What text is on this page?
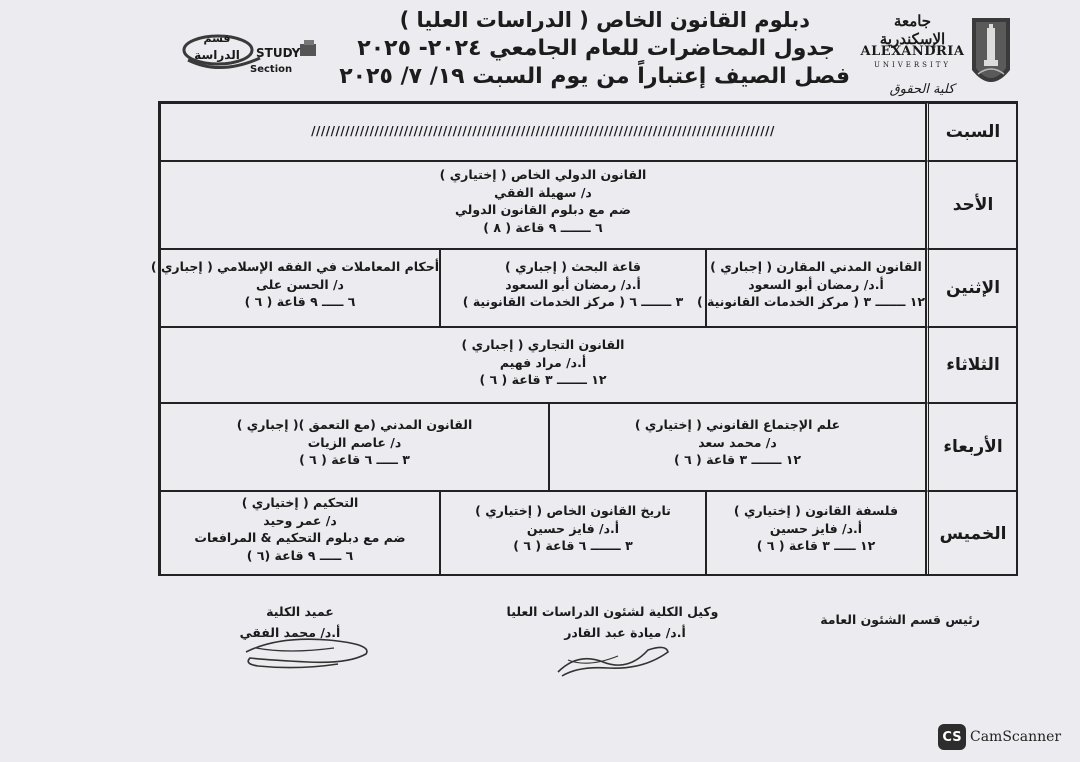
دبلوم القانون الخاص ( الدراسات العليا )
جدول المحاضرات للعام الجامعي ٢٠٢٤- ٢٠٢٥
فصل الصيف إعتباراً من يوم السبت ١٩/ ٧/ ٢٠٢٥
جامعة الإسكندرية
ALEXANDRIA
UNIVERSITY
كلية الحقوق
قسم
الدراسة	STUDY
Section
السبت
الأحد
الإثنين
الثلاثاء
الأربعاء
الخميس
///////////////////////////////////////////////////////////////////////////////////////////////
القانون الدولي الخاص ( إختياري )
د/ سهيلة الفقي
ضم مع دبلوم القانون الدولي
٦ ـــــــ ٩ قاعة ( ٨ )
القانون المدني المقارن ( إجباري )
أ.د/ رمضان أبو السعود
١٢ ـــــــ ٣ ( مركز الخدمات القانونية )
قاعة البحث ( إجباري )
أ.د/ رمضان أبو السعود
٣ ـــــــ ٦ ( مركز الخدمات القانونية )
أحكام المعاملات في الفقه الإسلامي ( إجباري )
د/ الحسن على
٦ ـــــ ٩ قاعة ( ٦ )
القانون التجاري ( إجباري )
أ.د/ مراد فهيم
١٢ ـــــــ ٣ قاعة ( ٦ )
علم الإجتماع القانوني ( إختياري )
د/ محمد سعد
١٢ ـــــــ ٣ قاعة ( ٦ )
القانون المدني (مع التعمق )( إجباري )
د/ عاصم الزيات
٣ ـــــ ٦ قاعة ( ٦ )
فلسفة القانون ( إختياري )
أ.د/ فايز حسين
١٢ ـــــ ٣ قاعة ( ٦ )
تاريخ القانون الخاص ( إختياري )
أ.د/ فايز حسين
٣ ـــــــ ٦ قاعة ( ٦ )
التحكيم ( إختياري )
د/ عمر وحيد
ضم مع دبلوم التحكيم & المرافعات
٦ ـــــ ٩ قاعة (٦ )
رئيس قسم الشئون العامة
وكيل الكلية لشئون الدراسات العليا
أ.د/ ميادة عبد القادر
عميد الكلية
أ.د/ محمد الفقي
CS CamScanner
